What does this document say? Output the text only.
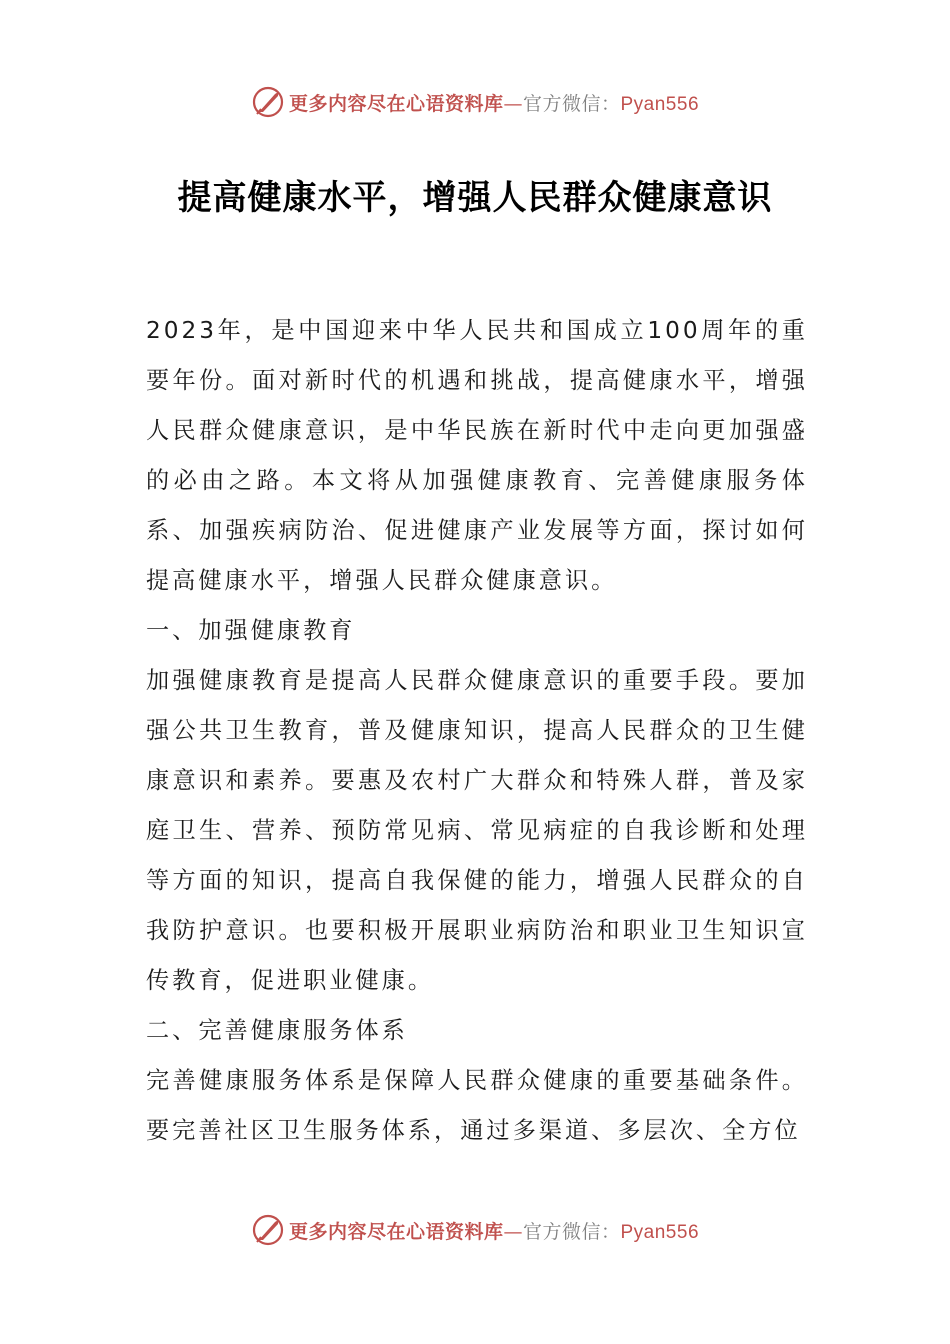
更多内容尽在心语资料库—官方微信：Pyan556
提高健康水平，增强人民群众健康意识

2023年，是中国迎来中华人民共和国成立100周年的重要年份。面对新时代的机遇和挑战，提高健康水平，增强人民群众健康意识，是中华民族在新时代中走向更加强盛的必由之路。本文将从加强健康教育、完善健康服务体系、加强疾病防治、促进健康产业发展等方面，探讨如何提高健康水平，增强人民群众健康意识。

一、加强健康教育

加强健康教育是提高人民群众健康意识的重要手段。要加强公共卫生教育，普及健康知识，提高人民群众的卫生健康意识和素养。要惠及农村广大群众和特殊人群，普及家庭卫生、营养、预防常见病、常见病症的自我诊断和处理等方面的知识，提高自我保健的能力，增强人民群众的自我防护意识。也要积极开展职业病防治和职业卫生知识宣传教育，促进职业健康。

二、完善健康服务体系

完善健康服务体系是保障人民群众健康的重要基础条件。要完善社区卫生服务体系，通过多渠道、多层次、全方位

更多内容尽在心语资料库—官方微信：Pyan556
